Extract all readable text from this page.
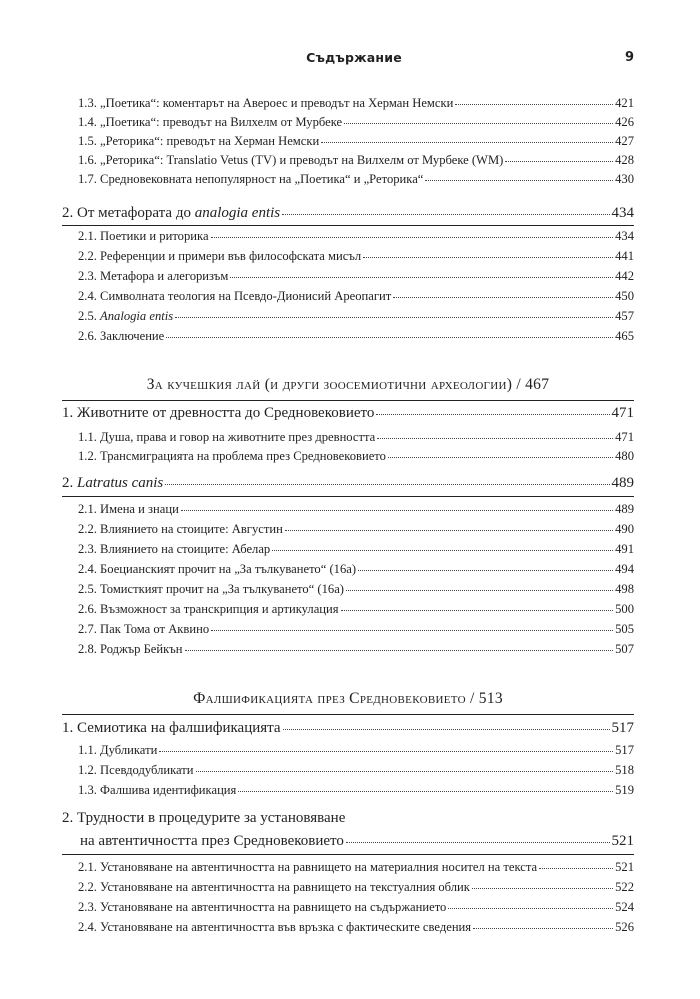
Съдържание	9
1.3. „Поетика“: коментарът на Авероес и преводът на Херман Немски	421
1.4. „Поетика“: преводът на Вилхелм от Мурбеке	426
1.5. „Реторика“: преводът на Херман Немски	427
1.6. „Реторика“: Translatio Vetus (TV) и преводът на Вилхелм от Мурбеке (WM)	428
1.7. Средновековната непопулярност на „Поетика“ и „Реторика“	430
2. От метафората до analogia entis	434
2.1. Поетики и риторика	434
2.2. Референции и примери във философската мисъл	441
2.3. Метафора и алегоризъм	442
2.4. Символната теология на Псевдо-Дионисий Ареопагит	450
2.5. Analogia entis	457
2.6. Заключение	465
За кучешкия лай (и други зоосемиотични археологии) / 467
1. Животните от древността до Средновековието	471
1.1. Душа, права и говор на животните през древността	471
1.2. Трансмиграцията на проблема през Средновековието	480
2. Latratus canis	489
2.1. Имена и знаци	489
2.2. Влиянието на стоиците: Августин	490
2.3. Влиянието на стоиците: Абелар	491
2.4. Боецианският прочит на „За тълкуването“ (16а)	494
2.5. Томисткият прочит на „За тълкуването“ (16а)	498
2.6. Възможност за транскрипция и артикулация	500
2.7. Пак Тома от Аквино	505
2.8. Роджър Бейкън	507
Фалшификацията през Средновековието / 513
1. Семиотика на фалшификацията	517
1.1. Дубликати	517
1.2. Псевдодубликати	518
1.3. Фалшива идентификация	519
2. Трудности в процедурите за установяване
на автентичността през Средновековието	521
2.1. Установяване на автентичността на равнището на материалния носител на текста	521
2.2. Установяване на автентичността на равнището на текстуалния облик	522
2.3. Установяване на автентичността на равнището на съдържанието	524
2.4. Установяване на автентичността във връзка с фактическите сведения	526
